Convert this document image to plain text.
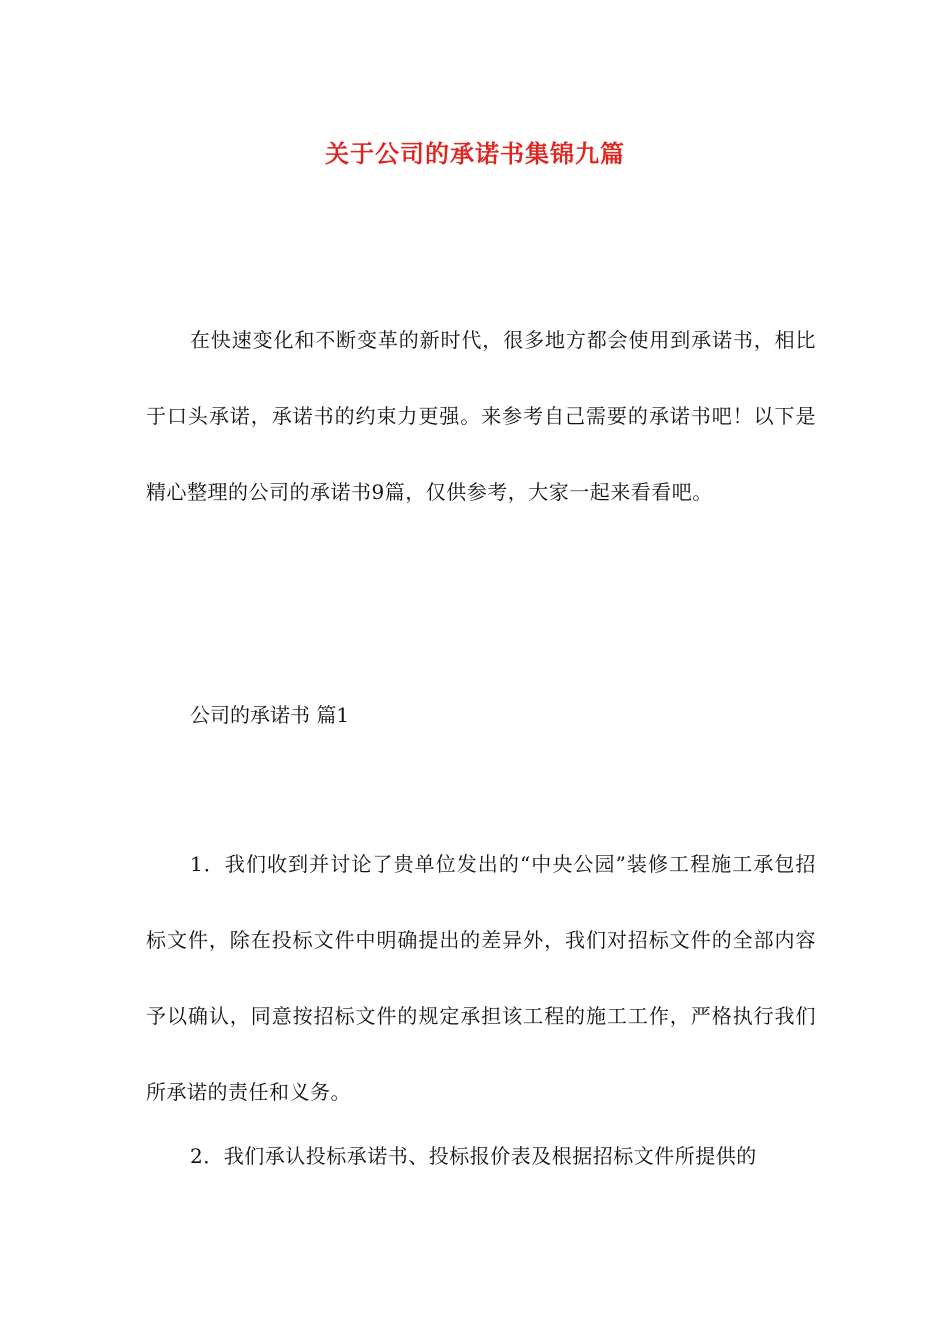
关于公司的承诺书集锦九篇
在快速变化和不断变革的新时代，很多地方都会使用到承诺书，相比于口头承诺，承诺书的约束力更强。来参考自己需要的承诺书吧！以下是精心整理的公司的承诺书9篇，仅供参考，大家一起来看看吧。
公司的承诺书 篇1
1．我们收到并讨论了贵单位发出的“中央公园”装修工程施工承包招标文件，除在投标文件中明确提出的差异外，我们对招标文件的全部内容予以确认，同意按招标文件的规定承担该工程的施工工作，严格执行我们所承诺的责任和义务。
2．我们承认投标承诺书、投标报价表及根据招标文件所提供的
